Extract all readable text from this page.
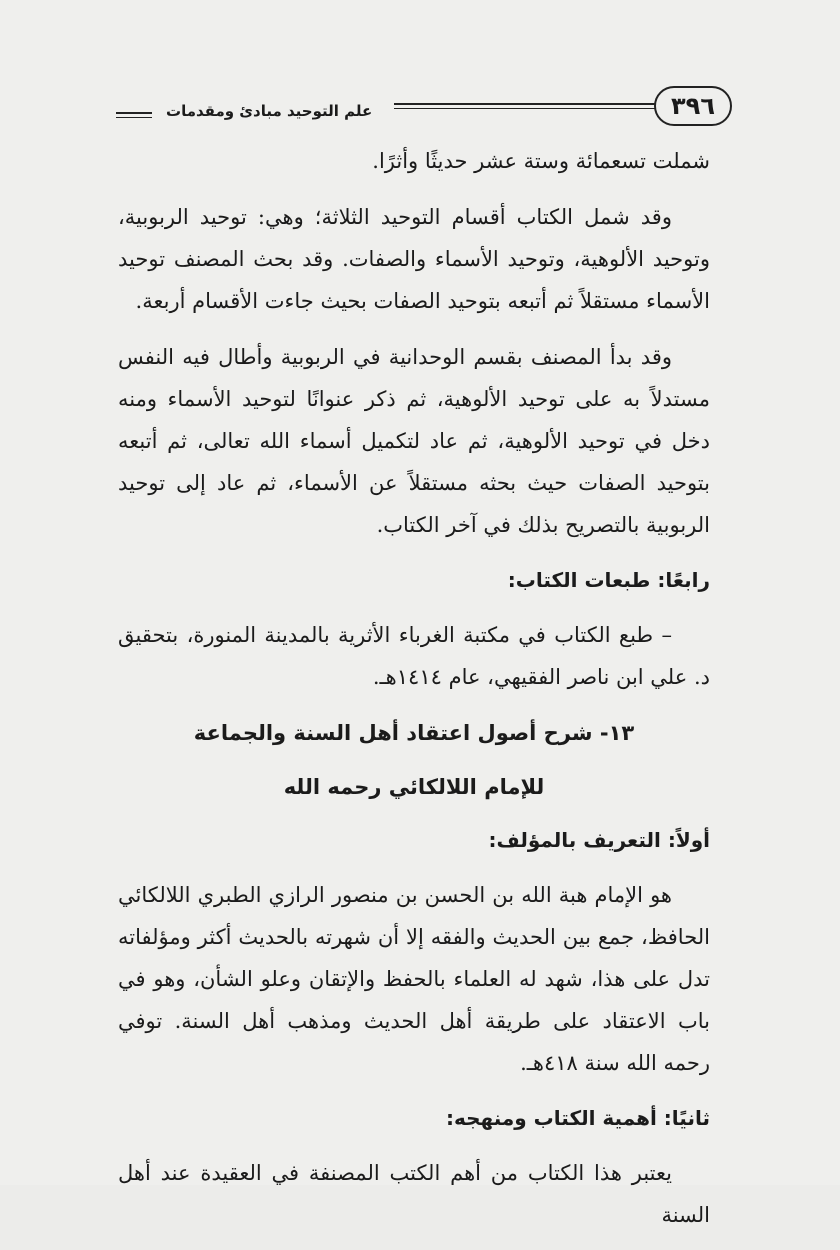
٣٩٦
علم التوحيد مبادئ ومقدمات

شملت تسعمائة وستة عشر حديثًا وأثرًا.

وقد شمل الكتاب أقسام التوحيد الثلاثة؛ وهي: توحيد الربوبية، وتوحيد الألوهية، وتوحيد الأسماء والصفات. وقد بحث المصنف توحيد الأسماء مستقلاً ثم أتبعه بتوحيد الصفات بحيث جاءت الأقسام أربعة.

وقد بدأ المصنف بقسم الوحدانية في الربوبية وأطال فيه النفس مستدلاً به على توحيد الألوهية، ثم ذكر عنوانًا لتوحيد الأسماء ومنه دخل في توحيد الألوهية، ثم عاد لتكميل أسماء الله تعالى، ثم أتبعه بتوحيد الصفات حيث بحثه مستقلاً عن الأسماء، ثم عاد إلى توحيد الربوبية بالتصريح بذلك في آخر الكتاب.

رابعًا: طبعات الكتاب:

– طبع الكتاب في مكتبة الغرباء الأثرية بالمدينة المنورة، بتحقيق د. علي ابن ناصر الفقيهي، عام ١٤١٤هـ.

١٣- شرح أصول اعتقاد أهل السنة والجماعة
للإمام اللالكائي رحمه الله
أولاً: التعريف بالمؤلف:

هو الإمام هبة الله بن الحسن بن منصور الرازي الطبري اللالكائي الحافظ، جمع بين الحديث والفقه إلا أن شهرته بالحديث أكثر ومؤلفاته تدل على هذا، شهد له العلماء بالحفظ والإتقان وعلو الشأن، وهو في باب الاعتقاد على طريقة أهل الحديث ومذهب أهل السنة. توفي رحمه الله سنة ٤١٨هـ.

ثانيًا: أهمية الكتاب ومنهجه:

يعتبر هذا الكتاب من أهم الكتب المصنفة في العقيدة عند أهل السنة
